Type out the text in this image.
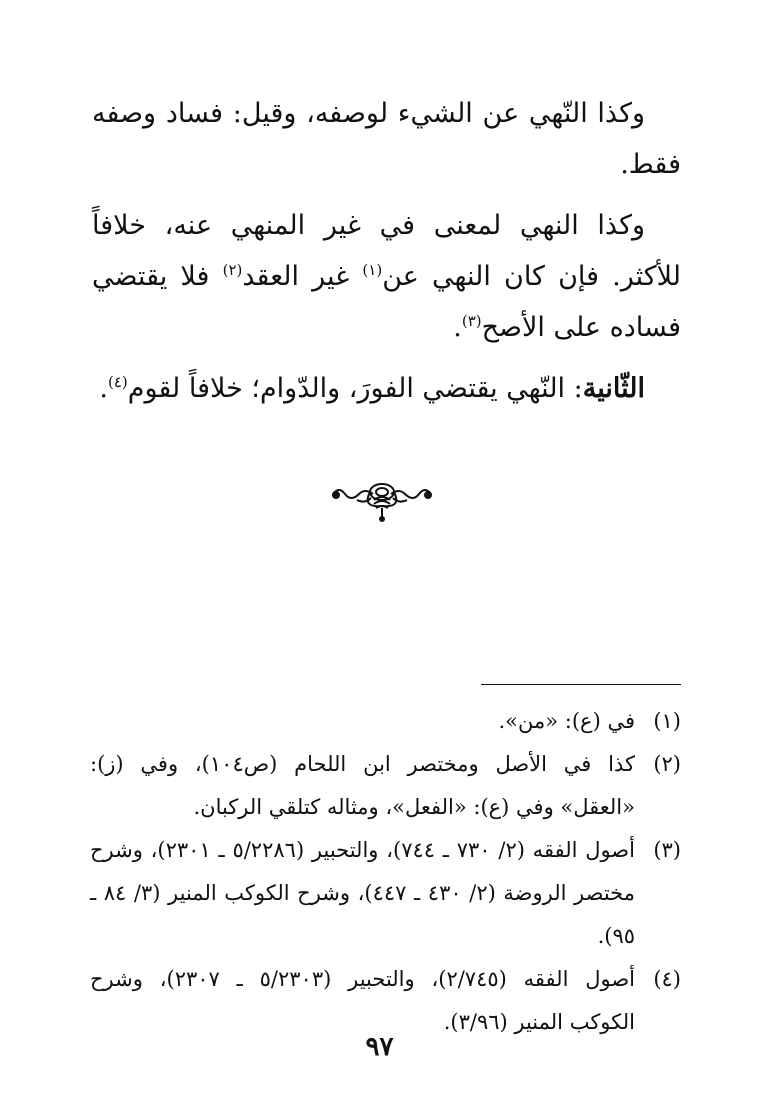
وكذا النّهي عن الشيء لوصفه، وقيل: فساد وصفه فقط.

وكذا النهي لمعنى في غير المنهي عنه، خلافاً للأكثر. فإن كان النهي عن$^{(١)}$ غير العقد$^{(٢)}$ فلا يقتضي فساده على الأصح$^{(٣)}$.

الثّانية: النّهي يقتضي الفورَ، والدّوام؛ خلافاً لقوم$^{(٤)}$.

(١)
في (ع): «من».
(٢)
كذا في الأصل ومختصر ابن اللحام (ص١٠٤)، وفي (ز): «العقل» وفي (ع): «الفعل»، ومثاله كتلقي الركبان.
(٣)
أصول الفقه (٢/ ٧٣٠ ـ ٧٤٤)، والتحبير (٥/٢٢٨٦ ـ ٢٣٠١)، وشرح مختصر الروضة (٢/ ٤٣٠ ـ ٤٤٧)، وشرح الكوكب المنير (٣/ ٨٤ ـ ٩٥).
(٤)
أصول الفقه (٢/٧٤٥)، والتحبير (٥/٢٣٠٣ ـ ٢٣٠٧)، وشرح الكوكب المنير (٣/٩٦).
٩٧
